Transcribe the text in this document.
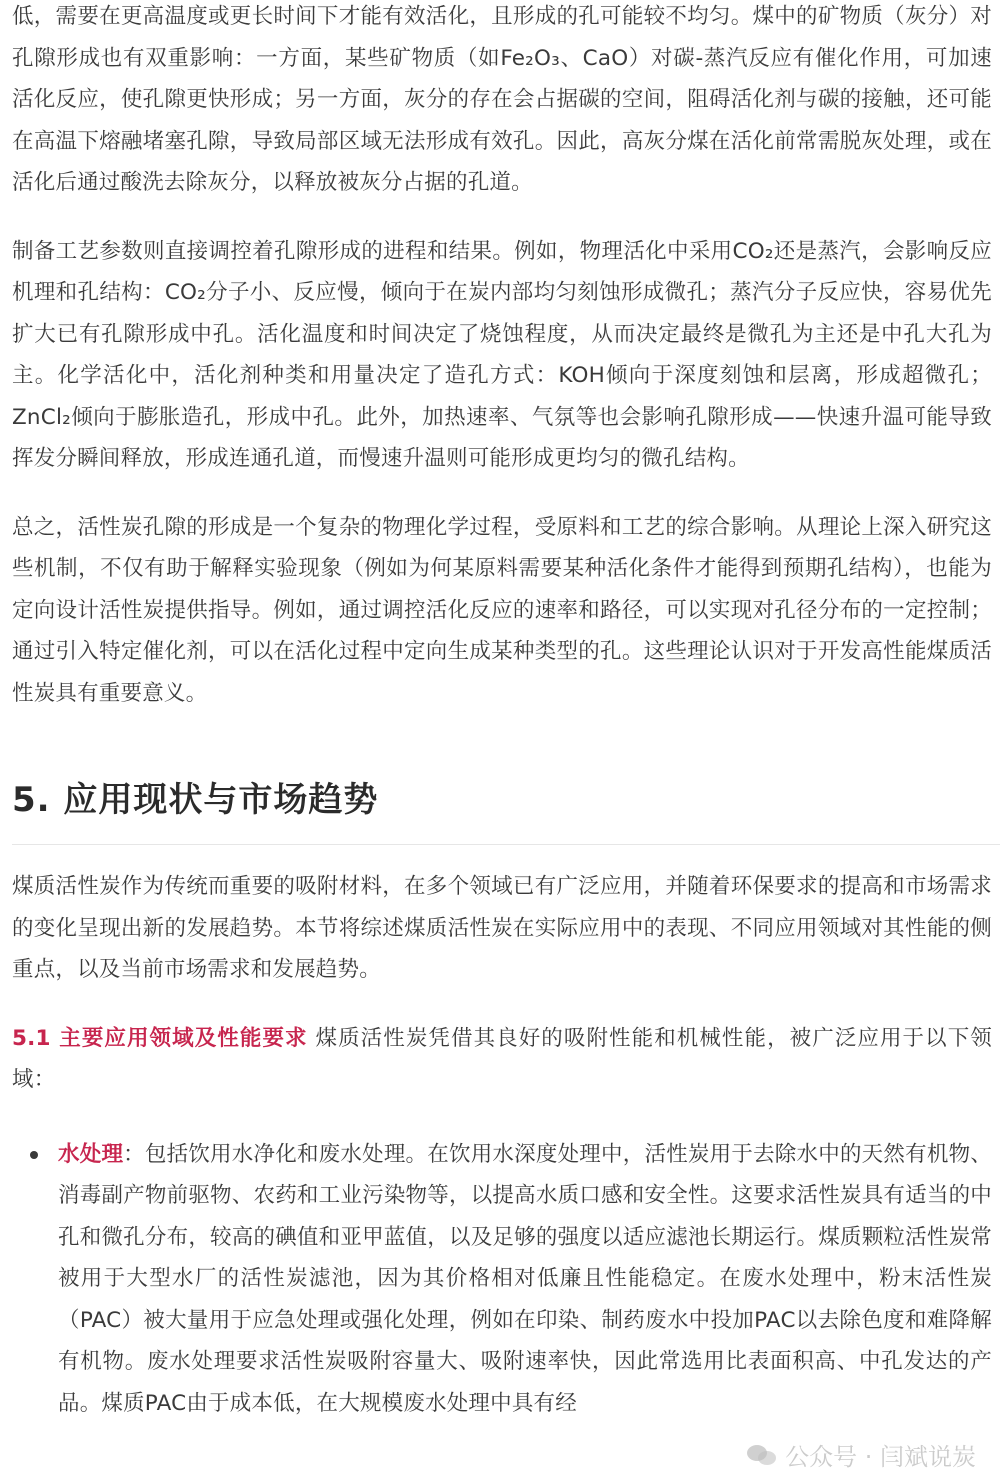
低，需要在更高温度或更长时间下才能有效活化，且形成的孔可能较不均匀。煤中的矿物质（灰分）对孔隙形成也有双重影响：一方面，某些矿物质（如Fe₂O₃、CaO）对碳-蒸汽反应有催化作用，可加速活化反应，使孔隙更快形成；另一方面，灰分的存在会占据碳的空间，阻碍活化剂与碳的接触，还可能在高温下熔融堵塞孔隙，导致局部区域无法形成有效孔。因此，高灰分煤在活化前常需脱灰处理，或在活化后通过酸洗去除灰分，以释放被灰分占据的孔道。

制备工艺参数则直接调控着孔隙形成的进程和结果。例如，物理活化中采用CO₂还是蒸汽，会影响反应机理和孔结构：CO₂分子小、反应慢，倾向于在炭内部均匀刻蚀形成微孔；蒸汽分子反应快，容易优先扩大已有孔隙形成中孔。活化温度和时间决定了烧蚀程度，从而决定最终是微孔为主还是中孔大孔为主。化学活化中，活化剂种类和用量决定了造孔方式：KOH倾向于深度刻蚀和层离，形成超微孔；ZnCl₂倾向于膨胀造孔，形成中孔。此外，加热速率、气氛等也会影响孔隙形成——快速升温可能导致挥发分瞬间释放，形成连通孔道，而慢速升温则可能形成更均匀的微孔结构。

总之，活性炭孔隙的形成是一个复杂的物理化学过程，受原料和工艺的综合影响。从理论上深入研究这些机制，不仅有助于解释实验现象（例如为何某原料需要某种活化条件才能得到预期孔结构），也能为定向设计活性炭提供指导。例如，通过调控活化反应的速率和路径，可以实现对孔径分布的一定控制；通过引入特定催化剂，可以在活化过程中定向生成某种类型的孔。这些理论认识对于开发高性能煤质活性炭具有重要意义。

5. 应用现状与市场趋势

煤质活性炭作为传统而重要的吸附材料，在多个领域已有广泛应用，并随着环保要求的提高和市场需求的变化呈现出新的发展趋势。本节将综述煤质活性炭在实际应用中的表现、不同应用领域对其性能的侧重点，以及当前市场需求和发展趋势。

5.1 主要应用领域及性能要求 煤质活性炭凭借其良好的吸附性能和机械性能，被广泛应用于以下领域：

水处理：包括饮用水净化和废水处理。在饮用水深度处理中，活性炭用于去除水中的天然有机物、消毒副产物前驱物、农药和工业污染物等，以提高水质口感和安全性。这要求活性炭具有适当的中孔和微孔分布，较高的碘值和亚甲蓝值，以及足够的强度以适应滤池长期运行。煤质颗粒活性炭常被用于大型水厂的活性炭滤池，因为其价格相对低廉且性能稳定。在废水处理中，粉末活性炭（PAC）被大量用于应急处理或强化处理，例如在印染、制药废水中投加PAC以去除色度和难降解有机物。废水处理要求活性炭吸附容量大、吸附速率快，因此常选用比表面积高、中孔发达的产品。煤质PAC由于成本低，在大规模废水处理中具有经
公众号 · 闫斌说炭
